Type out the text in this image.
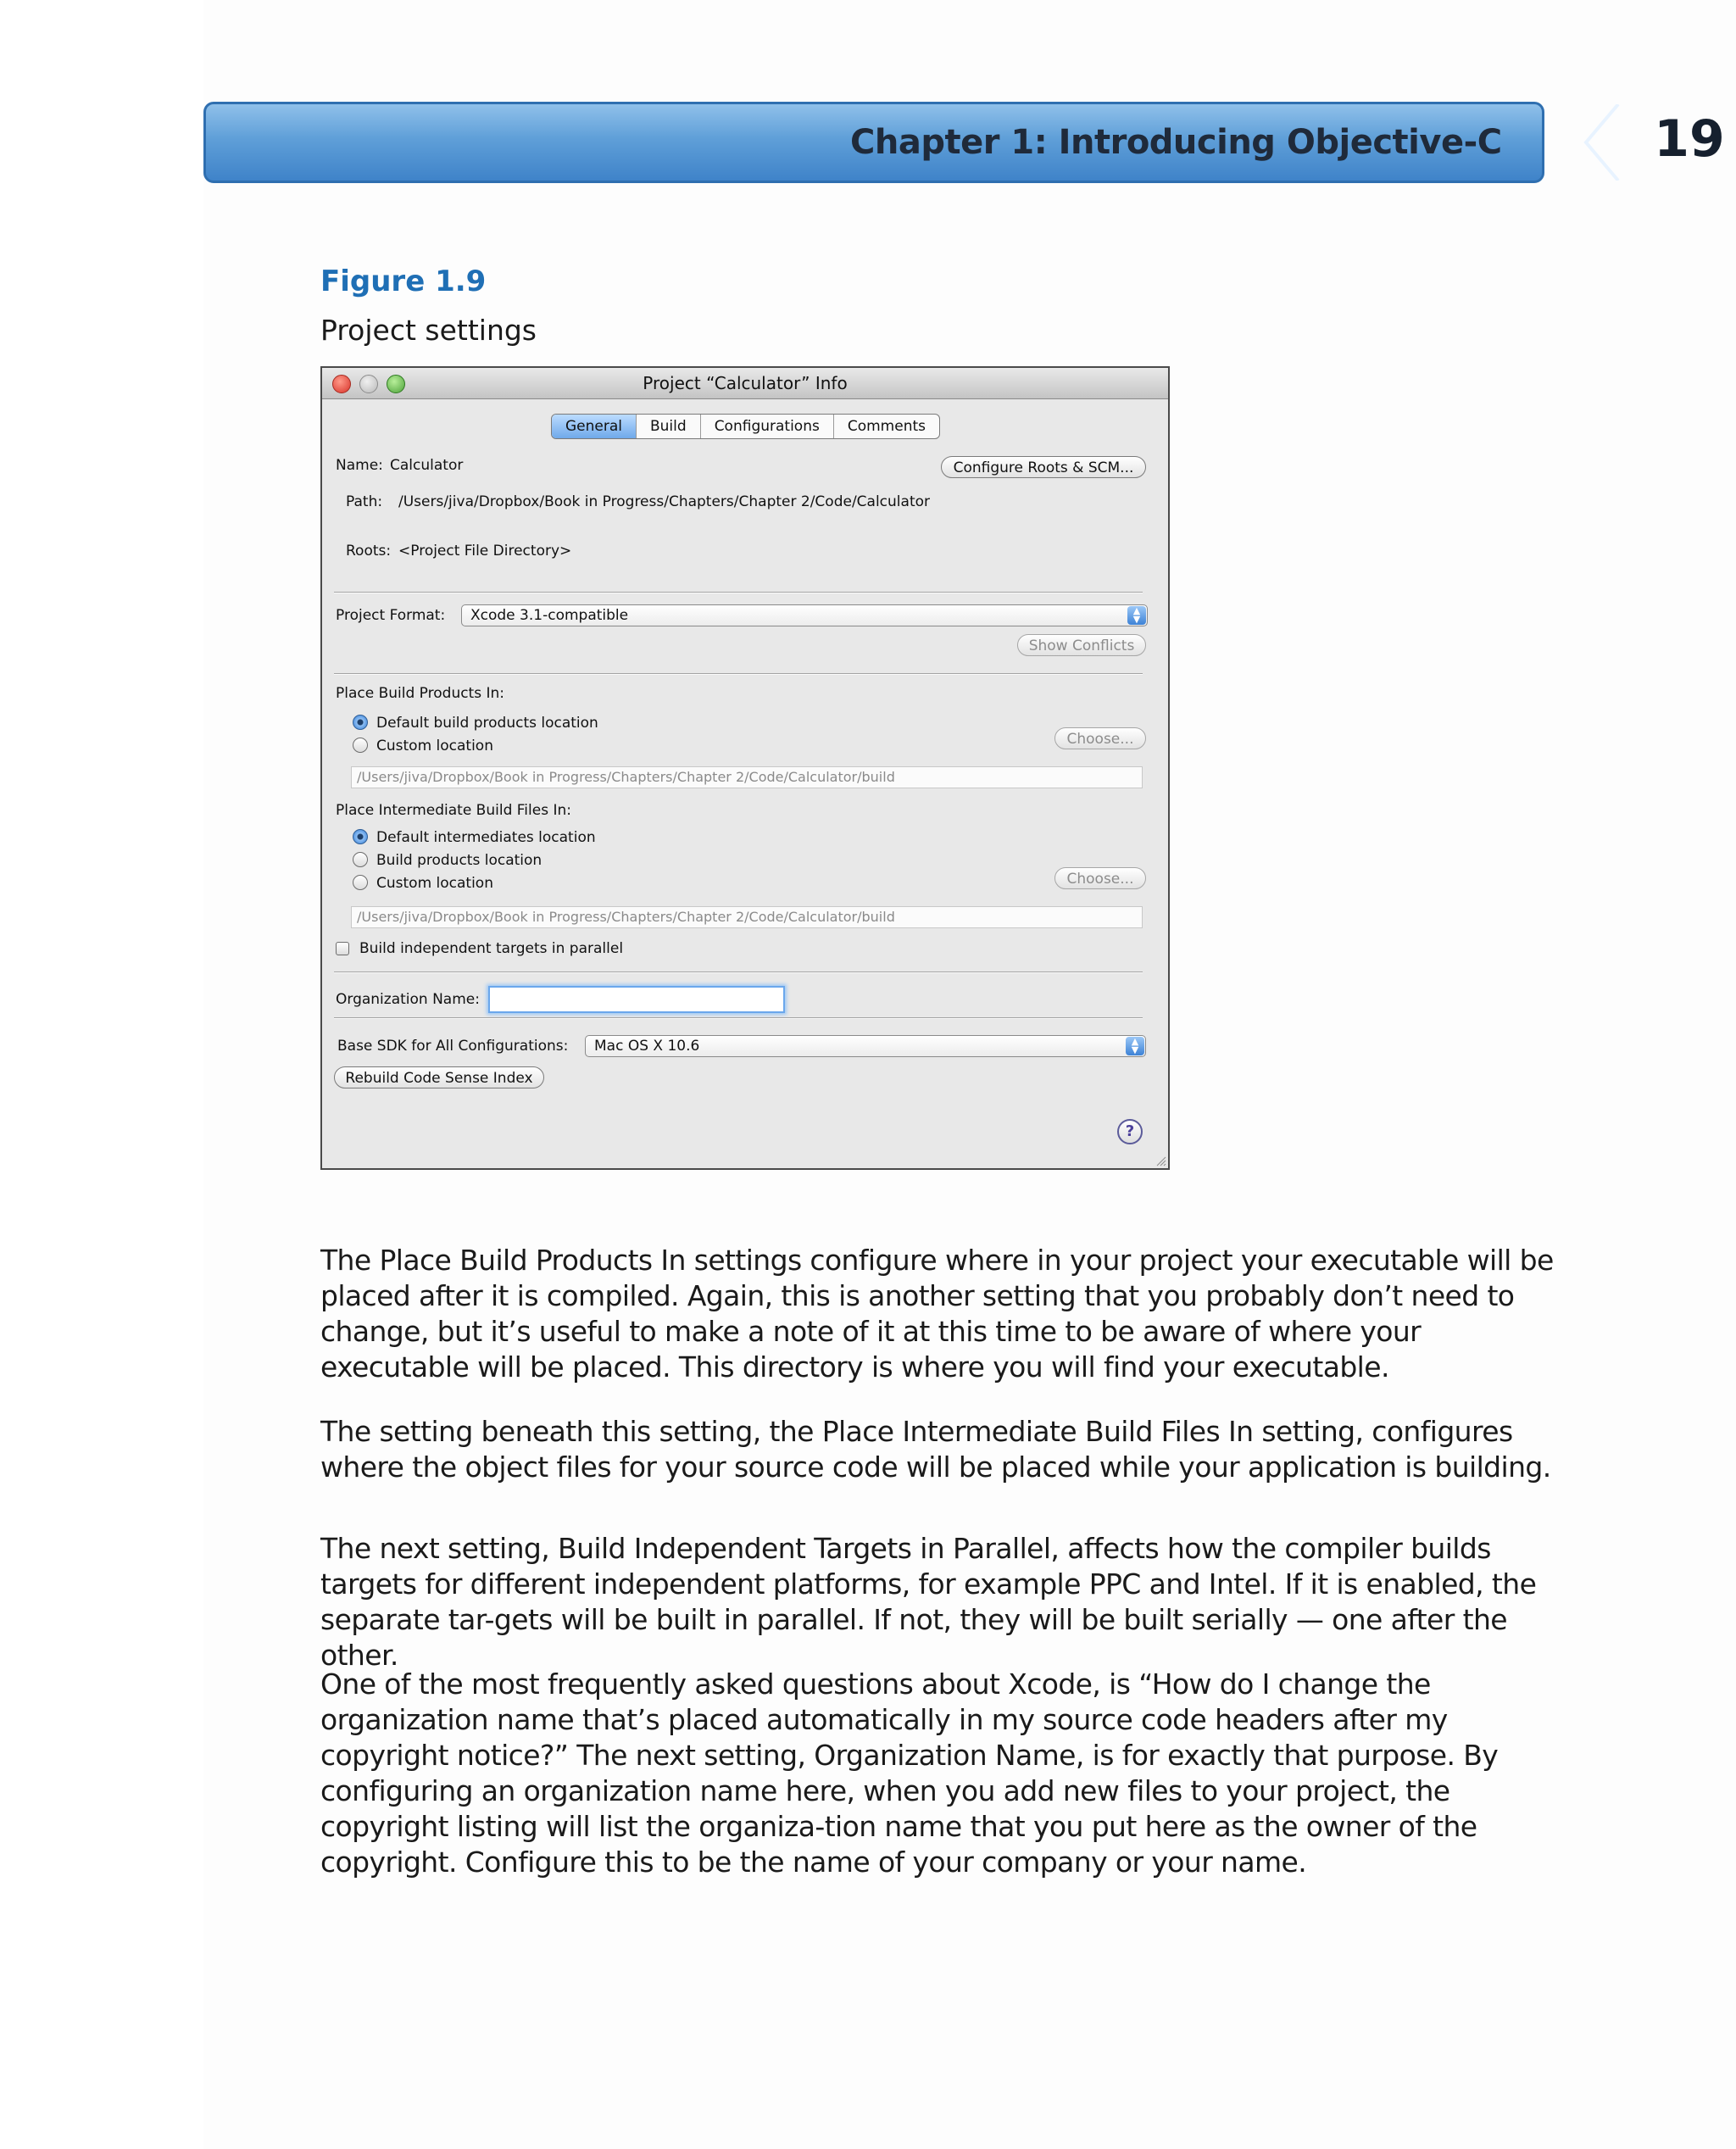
Chapter 1: Introducing Objective-C	19
Figure 1.9
Project settings
Project “Calculator” Info
General	Build	Configurations	Comments
Name: Calculator	Configure Roots & SCM...
Path: /Users/jiva/Dropbox/Book in Progress/Chapters/Chapter 2/Code/Calculator
Roots: <Project File Directory>
Project Format: Xcode 3.1-compatible	▲
▼
Show Conflicts
Place Build Products In:
Default build products location
Custom location	Choose...
/Users/jiva/Dropbox/Book in Progress/Chapters/Chapter 2/Code/Calculator/build
Place Intermediate Build Files In:
Default intermediates location
Build products location
Custom location	Choose...
/Users/jiva/Dropbox/Book in Progress/Chapters/Chapter 2/Code/Calculator/build
Build independent targets in parallel
Organization Name:
Base SDK for All Configurations: Mac OS X 10.6	▲
▼
Rebuild Code Sense Index
?
The Place Build Products In settings configure where in your project your executable will be placed after it is compiled. Again, this is another setting that you probably don’t need to change, but it’s useful to make a note of it at this time to be aware of where your executable will be placed. This directory is where you will find your executable.
The setting beneath this setting, the Place Intermediate Build Files In setting, configures where the object files for your source code will be placed while your application is building.
The next setting, Build Independent Targets in Parallel, affects how the compiler builds targets for different independent platforms, for example PPC and Intel. If it is enabled, the separate tar-gets will be built in parallel. If not, they will be built serially — one after the other.
One of the most frequently asked questions about Xcode, is “How do I change the organization name that’s placed automatically in my source code headers after my copyright notice?” The next setting, Organization Name, is for exactly that purpose. By configuring an organization name here, when you add new files to your project, the copyright listing will list the organiza-tion name that you put here as the owner of the copyright. Configure this to be the name of your company or your name.
